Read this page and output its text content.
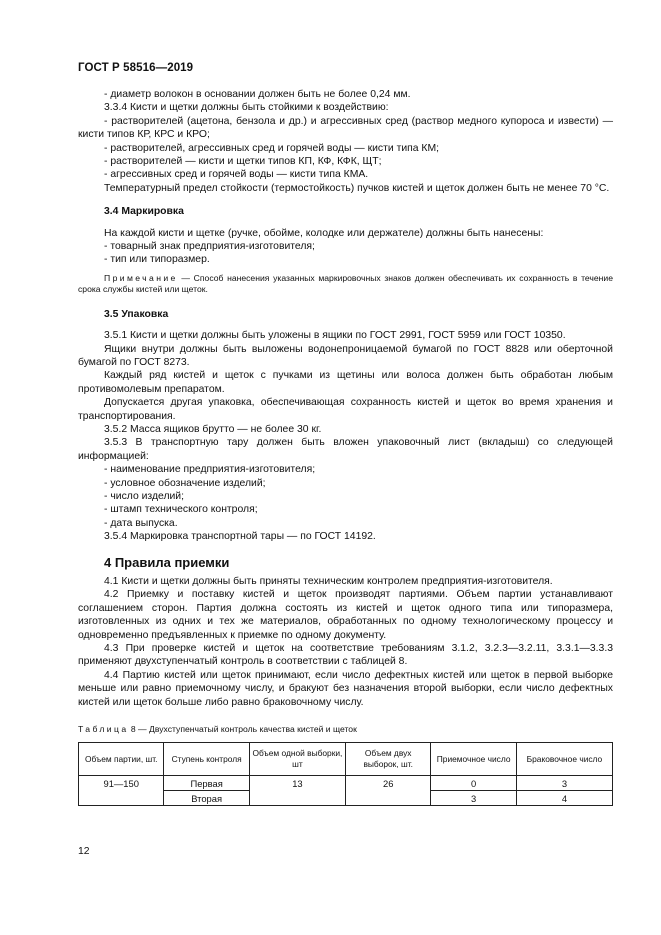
ГОСТ Р 58516—2019

- диаметр волокон в основании должен быть не более 0,24 мм.

3.3.4 Кисти и щетки должны быть стойкими к воздействию:

- растворителей (ацетона, бензола и др.) и агрессивных сред (раствор медного купороса и извести) — кисти типов КР, КРС и КРО;

- растворителей, агрессивных сред и горячей воды — кисти типа КМ;

- растворителей — кисти и щетки типов КП, КФ, КФК, ЩТ;

- агрессивных сред и горячей воды — кисти типа КМА.

Температурный предел стойкости (термостойкость) пучков кистей и щеток должен быть не менее 70 °С.

3.4 Маркировка

На каждой кисти и щетке (ручке, обойме, колодке или держателе) должны быть нанесены:

- товарный знак предприятия-изготовителя;

- тип или типоразмер.

Примечание — Способ нанесения указанных маркировочных знаков должен обеспечивать их сохранность в течение срока службы кистей или щеток.

3.5 Упаковка

3.5.1 Кисти и щетки должны быть уложены в ящики по ГОСТ 2991, ГОСТ 5959 или ГОСТ 10350.

Ящики внутри должны быть выложены водонепроницаемой бумагой по ГОСТ 8828 или оберточной бумагой по ГОСТ 8273.

Каждый ряд кистей и щеток с пучками из щетины или волоса должен быть обработан любым противомолевым препаратом.

Допускается другая упаковка, обеспечивающая сохранность кистей и щеток во время хранения и транспортирования.

3.5.2 Масса ящиков брутто — не более 30 кг.

3.5.3 В транспортную тару должен быть вложен упаковочный лист (вкладыш) со следующей информацией:

- наименование предприятия-изготовителя;

- условное обозначение изделий;

- число изделий;

- штамп технического контроля;

- дата выпуска.

3.5.4 Маркировка транспортной тары — по ГОСТ 14192.

4 Правила приемки

4.1 Кисти и щетки должны быть приняты техническим контролем предприятия-изготовителя.

4.2 Приемку и поставку кистей и щеток производят партиями. Объем партии устанавливают соглашением сторон. Партия должна состоять из кистей и щеток одного типа или типоразмера, изготовленных из одних и тех же материалов, обработанных по одному технологическому процессу и одновременно предъявленных к приемке по одному документу.

4.3 При проверке кистей и щеток на соответствие требованиям 3.1.2, 3.2.3—3.2.11, 3.3.1—3.3.3 применяют двухступенчатый контроль в соответствии с таблицей 8.

4.4 Партию кистей или щеток принимают, если число дефектных кистей или щеток в первой выборке меньше или равно приемочному числу, и бракуют без назначения второй выборки, если число дефектных кистей или щеток больше либо равно браковочному числу.

Таблица 8 — Двухступенчатый контроль качества кистей и щеток
Объем партии, шт.	Ступень контроля	Объем одной выборки, шт	Объем двух выборок, шт.	Приемочное число	Браковочное число
91—150	Первая	13	26	0	3
	Вторая			3	4
12
